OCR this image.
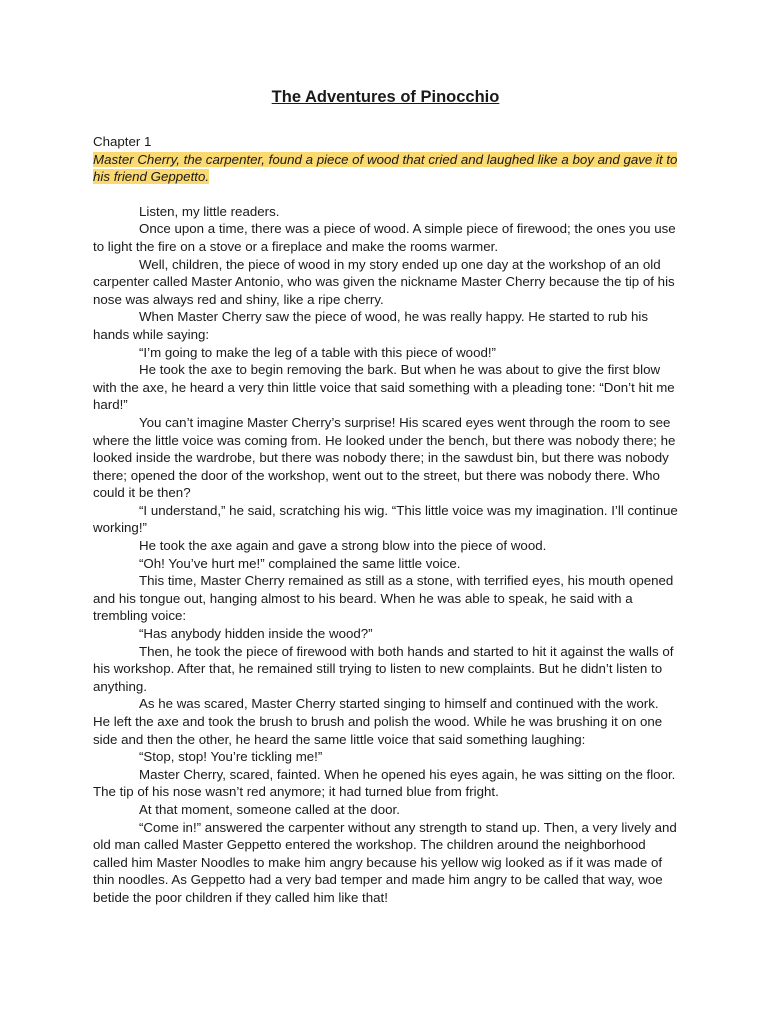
The Adventures of Pinocchio

Chapter 1

Master Cherry, the carpenter, found a piece of wood that cried and laughed like a boy and gave it to his friend Geppetto.

Listen, my little readers.

Once upon a time, there was a piece of wood. A simple piece of firewood; the ones you use to light the fire on a stove or a fireplace and make the rooms warmer.

Well, children, the piece of wood in my story ended up one day at the workshop of an old carpenter called Master Antonio, who was given the nickname Master Cherry because the tip of his nose was always red and shiny, like a ripe cherry.

When Master Cherry saw the piece of wood, he was really happy. He started to rub his hands while saying:

“I’m going to make the leg of a table with this piece of wood!”

He took the axe to begin removing the bark. But when he was about to give the first blow with the axe, he heard a very thin little voice that said something with a pleading tone: “Don’t hit me hard!”

You can’t imagine Master Cherry’s surprise! His scared eyes went through the room to see where the little voice was coming from. He looked under the bench, but there was nobody there; he looked inside the wardrobe, but there was nobody there; in the sawdust bin, but there was nobody there; opened the door of the workshop, went out to the street, but there was nobody there. Who could it be then?

“I understand,” he said, scratching his wig. “This little voice was my imagination. I’ll continue working!”

He took the axe again and gave a strong blow into the piece of wood.

“Oh! You’ve hurt me!” complained the same little voice.

This time, Master Cherry remained as still as a stone, with terrified eyes, his mouth opened and his tongue out, hanging almost to his beard. When he was able to speak, he said with a trembling voice:

“Has anybody hidden inside the wood?”

Then, he took the piece of firewood with both hands and started to hit it against the walls of his workshop. After that, he remained still trying to listen to new complaints. But he didn’t listen to anything.

As he was scared, Master Cherry started singing to himself and continued with the work. He left the axe and took the brush to brush and polish the wood. While he was brushing it on one side and then the other, he heard the same little voice that said something laughing:

“Stop, stop! You’re tickling me!”

Master Cherry, scared, fainted. When he opened his eyes again, he was sitting on the floor. The tip of his nose wasn’t red anymore; it had turned blue from fright.

At that moment, someone called at the door.

“Come in!” answered the carpenter without any strength to stand up. Then, a very lively and old man called Master Geppetto entered the workshop. The children around the neighborhood called him Master Noodles to make him angry because his yellow wig looked as if it was made of thin noodles. As Geppetto had a very bad temper and made him angry to be called that way, woe betide the poor children if they called him like that!
